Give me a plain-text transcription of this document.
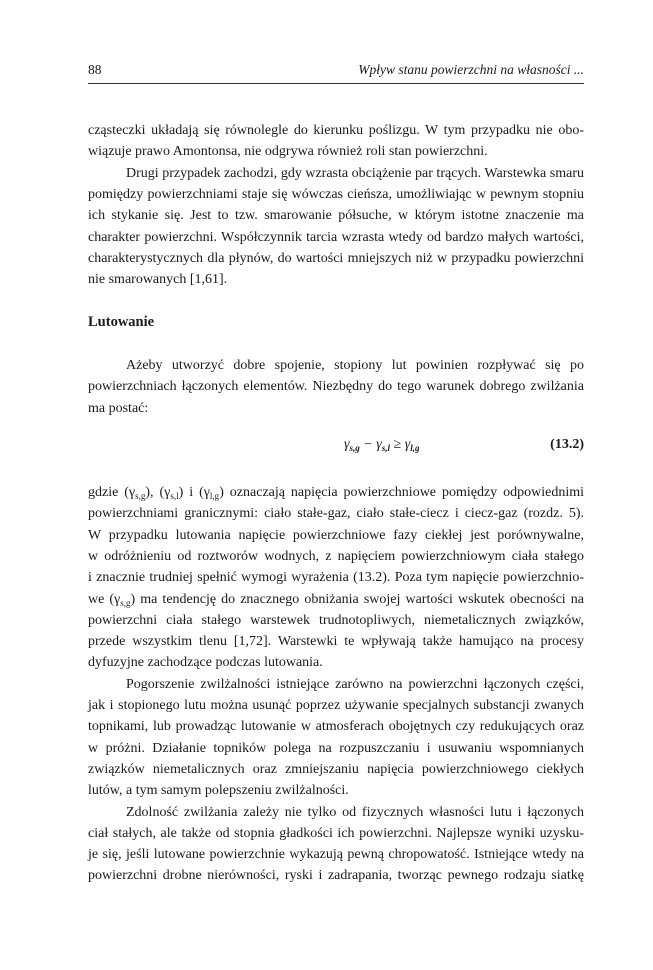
88	Wpływ stanu powierzchni na własności ...
cząsteczki układają się równolegle do kierunku poślizgu. W tym przypadku nie obo-
wiązuje prawo Amontonsa, nie odgrywa również roli stan powierzchni.
Drugi przypadek zachodzi, gdy wzrasta obciążenie par trących. Warstewka smaru
pomiędzy powierzchniami staje się wówczas cieńsza, umożliwiając w pewnym stopniu
ich stykanie się. Jest to tzw. smarowanie półsuche, w którym istotne znaczenie ma
charakter powierzchni. Współczynnik tarcia wzrasta wtedy od bardzo małych wartości,
charakterystycznych dla płynów, do wartości mniejszych niż w przypadku powierzchni
nie smarowanych [1,61].
Lutowanie
Ażeby utworzyć dobre spojenie, stopiony lut powinien rozpływać się po
powierzchniach łączonych elementów. Niezbędny do tego warunek dobrego zwilżania
ma postać:
$\gamma_{s,g} - \gamma_{s,l} \ge \gamma_{l,g}$	(13.2)
gdzie $(\gamma_{s,g})$, $(\gamma_{s,l})$ i $(\gamma_{l,g})$ oznaczają napięcia powierzchniowe pomiędzy odpowiednimi
powierzchniami granicznymi: ciało stałe-gaz, ciało stałe-ciecz i ciecz-gaz (rozdz. 5).
W przypadku lutowania napięcie powierzchniowe fazy ciekłej jest porównywalne,
w odróżnieniu od roztworów wodnych, z napięciem powierzchniowym ciała stałego
i znacznie trudniej spełnić wymogi wyrażenia (13.2). Poza tym napięcie powierzchnio-
we $(\gamma_{s,g})$ ma tendencję do znacznego obniżania swojej wartości wskutek obecności na
powierzchni ciała stałego warstewek trudnotopliwych, niemetalicznych związków,
przede wszystkim tlenu [1,72]. Warstewki te wpływają także hamująco na procesy
dyfuzyjne zachodzące podczas lutowania.
Pogorszenie zwilżalności istniejące zarówno na powierzchni łączonych części,
jak i stopionego lutu można usunąć poprzez używanie specjalnych substancji zwanych
topnikami, lub prowadząc lutowanie w atmosferach obojętnych czy redukujących oraz
w próżni. Działanie topników polega na rozpuszczaniu i usuwaniu wspomnianych
związków niemetalicznych oraz zmniejszaniu napięcia powierzchniowego ciekłych
lutów, a tym samym polepszeniu zwilżalności.
Zdolność zwilżania zależy nie tylko od fizycznych własności lutu i łączonych
ciał stałych, ale także od stopnia gładkości ich powierzchni. Najlepsze wyniki uzysku-
je się, jeśli lutowane powierzchnie wykazują pewną chropowatość. Istniejące wtedy na
powierzchni drobne nierówności, ryski i zadrapania, tworząc pewnego rodzaju siatkę
